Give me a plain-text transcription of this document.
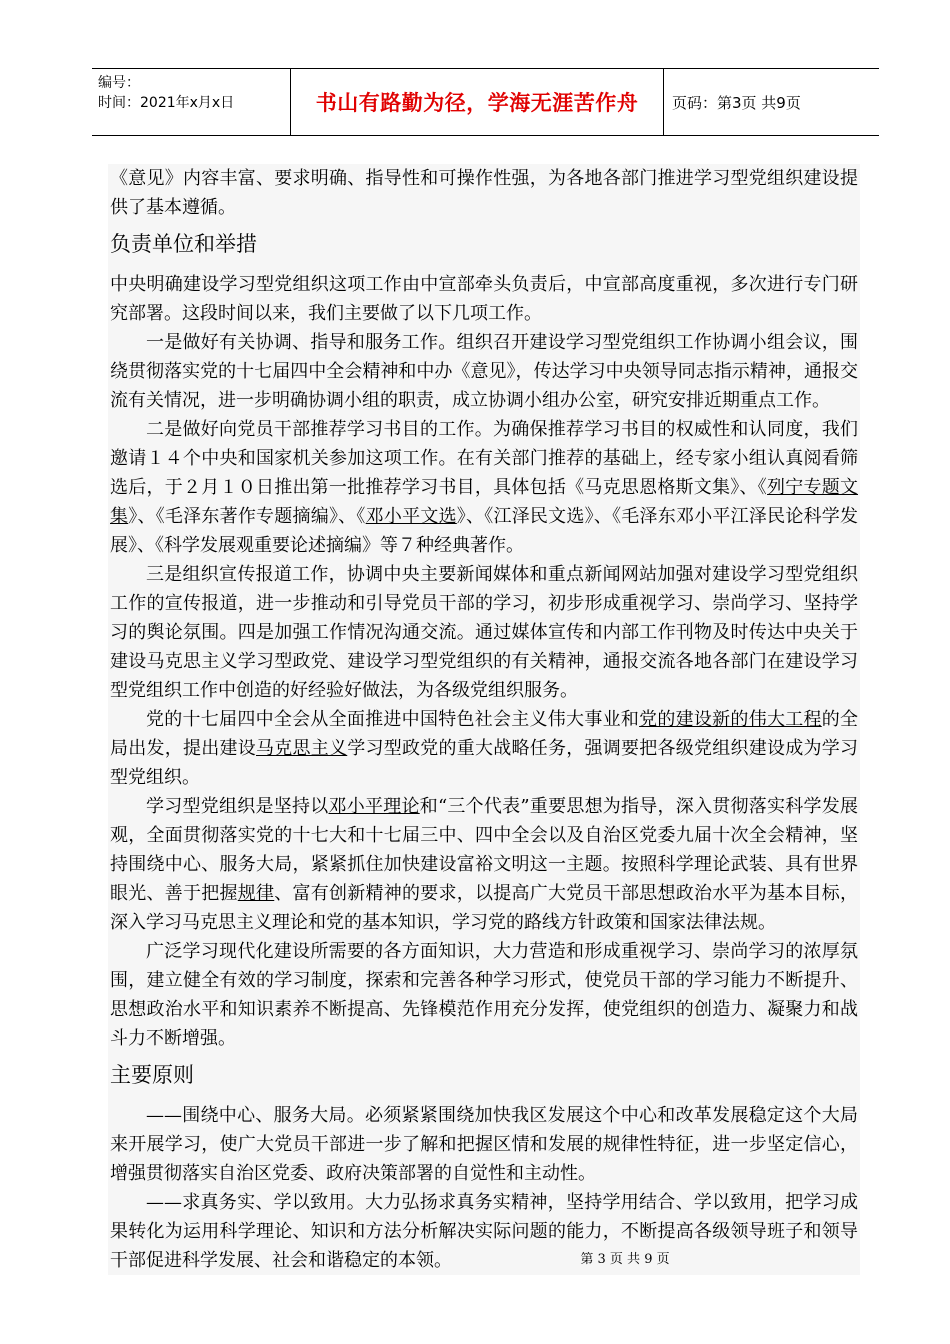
编号：
时间：2021年x月x日	书山有路勤为径，学海无涯苦作舟	页码：第3页 共9页

《意见》内容丰富、要求明确、指导性和可操作性强，为各地各部门推进学习型党组织建设提供了基本遵循。

负责单位和举措

中央明确建设学习型党组织这项工作由中宣部牵头负责后，中宣部高度重视，多次进行专门研究部署。这段时间以来，我们主要做了以下几项工作。

一是做好有关协调、指导和服务工作。组织召开建设学习型党组织工作协调小组会议，围绕贯彻落实党的十七届四中全会精神和中办《意见》，传达学习中央领导同志指示精神，通报交流有关情况，进一步明确协调小组的职责，成立协调小组办公室，研究安排近期重点工作。

二是做好向党员干部推荐学习书目的工作。为确保推荐学习书目的权威性和认同度，我们邀请１４个中央和国家机关参加这项工作。在有关部门推荐的基础上，经专家小组认真阅看筛选后，于２月１０日推出第一批推荐学习书目，具体包括《马克思恩格斯文集》、《列宁专题文集》、《毛泽东著作专题摘编》、《邓小平文选》、《江泽民文选》、《毛泽东邓小平江泽民论科学发展》、《科学发展观重要论述摘编》等７种经典著作。

三是组织宣传报道工作，协调中央主要新闻媒体和重点新闻网站加强对建设学习型党组织工作的宣传报道，进一步推动和引导党员干部的学习，初步形成重视学习、崇尚学习、坚持学习的舆论氛围。四是加强工作情况沟通交流。通过媒体宣传和内部工作刊物及时传达中央关于建设马克思主义学习型政党、建设学习型党组织的有关精神，通报交流各地各部门在建设学习型党组织工作中创造的好经验好做法，为各级党组织服务。

党的十七届四中全会从全面推进中国特色社会主义伟大事业和党的建设新的伟大工程的全局出发，提出建设马克思主义学习型政党的重大战略任务，强调要把各级党组织建设成为学习型党组织。

学习型党组织是坚持以邓小平理论和“三个代表”重要思想为指导，深入贯彻落实科学发展观，全面贯彻落实党的十七大和十七届三中、四中全会以及自治区党委九届十次全会精神，坚持围绕中心、服务大局，紧紧抓住加快建设富裕文明这一主题。按照科学理论武装、具有世界眼光、善于把握规律、富有创新精神的要求，以提高广大党员干部思想政治水平为基本目标，深入学习马克思主义理论和党的基本知识，学习党的路线方针政策和国家法律法规。

广泛学习现代化建设所需要的各方面知识，大力营造和形成重视学习、崇尚学习的浓厚氛围，建立健全有效的学习制度，探索和完善各种学习形式，使党员干部的学习能力不断提升、思想政治水平和知识素养不断提高、先锋模范作用充分发挥，使党组织的创造力、凝聚力和战斗力不断增强。

主要原则

——围绕中心、服务大局。必须紧紧围绕加快我区发展这个中心和改革发展稳定这个大局来开展学习，使广大党员干部进一步了解和把握区情和发展的规律性特征，进一步坚定信心，增强贯彻落实自治区党委、政府决策部署的自觉性和主动性。

——求真务实、学以致用。大力弘扬求真务实精神，坚持学用结合、学以致用，把学习成果转化为运用科学理论、知识和方法分析解决实际问题的能力，不断提高各级领导班子和领导干部促进科学发展、社会和谐稳定的本领。	第 3 页 共 9 页
